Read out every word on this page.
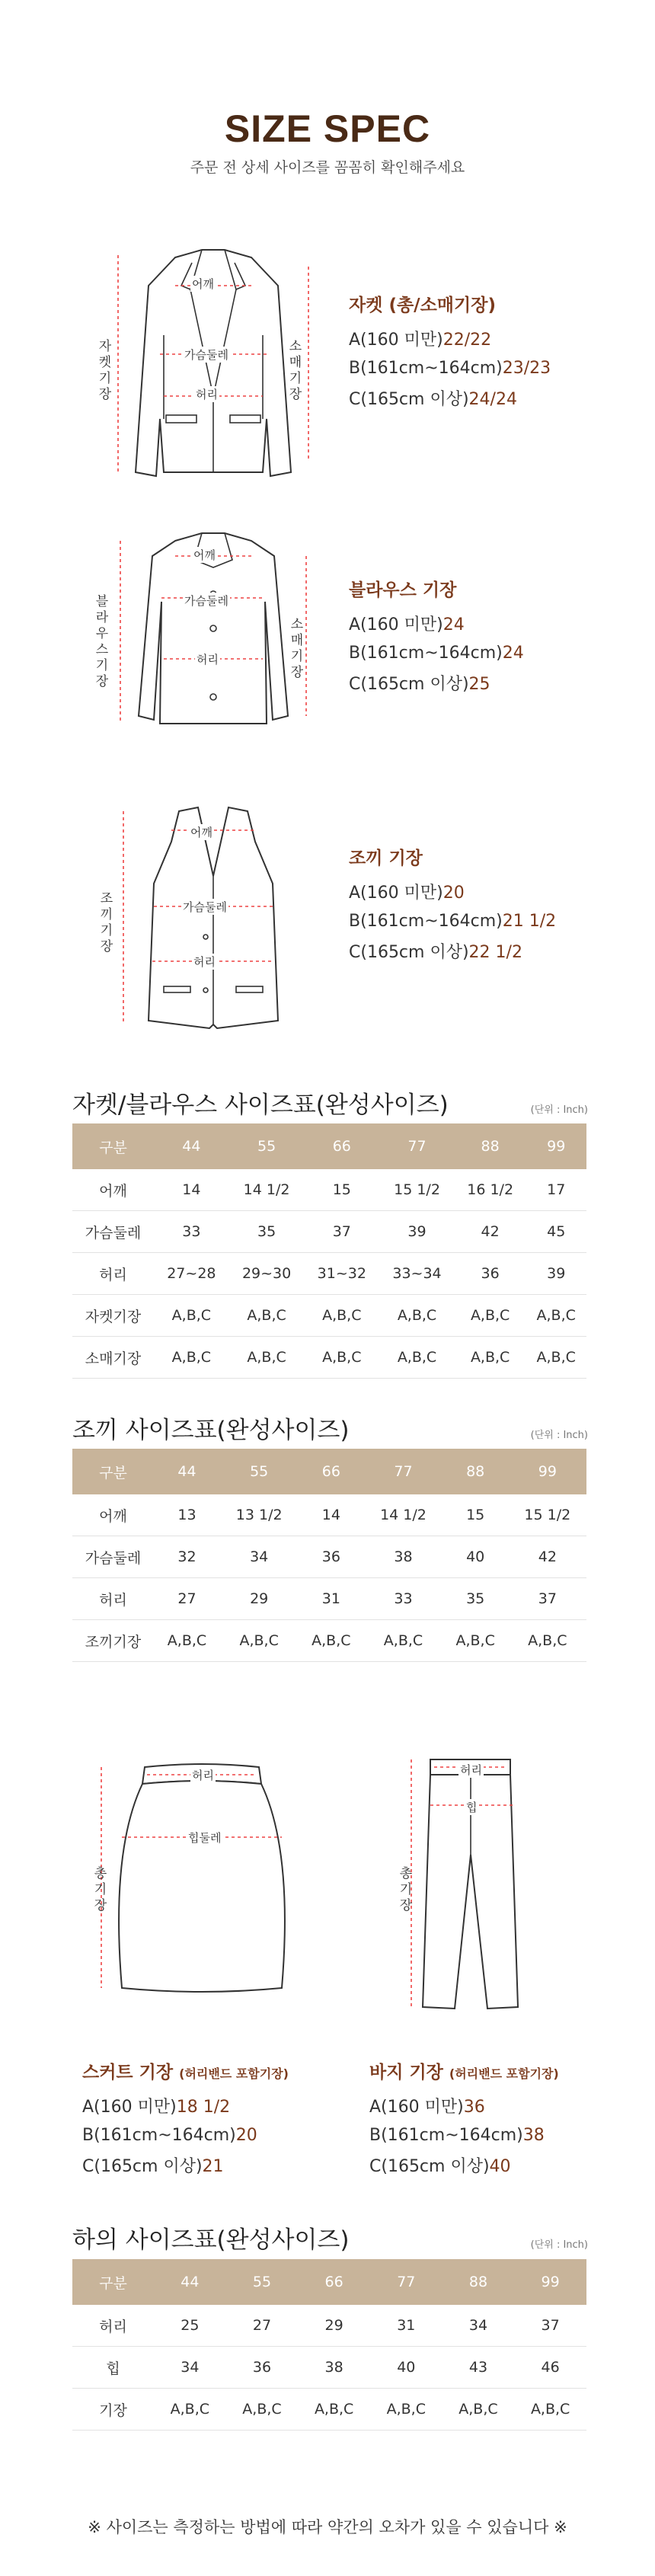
SIZE SPEC
주문 전 상세 사이즈를 꼼꼼히 확인해주세요
어깨
가슴둘레
허리
자켓 기장
소매기장
자켓 (총/소매기장)
A(160 미만)22/22
B(161cm~164cm)23/23
C(165cm 이상)24/24
어깨
가슴둘레
허리
블라우스 기장
소매기장
블라우스 기장
A(160 미만)24
B(161cm~164cm)24
C(165cm 이상)25
어깨
가슴둘레
허리
조끼 기장
조끼 기장
A(160 미만)20
B(161cm~164cm)21 1/2
C(165cm 이상)22 1/2
자켓/블라우스 사이즈표(완성사이즈)	(단위 : Inch)
구분	44	55	66	77	88	99
어깨	14	14 1/2	15	15 1/2	16 1/2	17
가슴둘레	33	35	37	39	42	45
허리	27~28	29~30	31~32	33~34	36	39
자켓기장	A,B,C	A,B,C	A,B,C	A,B,C	A,B,C	A,B,C
소매기장	A,B,C	A,B,C	A,B,C	A,B,C	A,B,C	A,B,C
조끼 사이즈표(완성사이즈)	(단위 : Inch)
구분	44	55	66	77	88	99
어깨	13	13 1/2	14	14 1/2	15	15 1/2
가슴둘레	32	34	36	38	40	42
허리	27	29	31	33	35	37
조끼기장	A,B,C	A,B,C	A,B,C	A,B,C	A,B,C	A,B,C
허리
힙둘레
총기장
허리
힙
총기장
스커트 기장 (허리밴드 포함기장)
A(160 미만)18 1/2
B(161cm~164cm)20
C(165cm 이상)21
바지 기장 (허리밴드 포함기장)
A(160 미만)36
B(161cm~164cm)38
C(165cm 이상)40
하의 사이즈표(완성사이즈)	(단위 : Inch)
구분	44	55	66	77	88	99
허리	25	27	29	31	34	37
힙	34	36	38	40	43	46
기장	A,B,C	A,B,C	A,B,C	A,B,C	A,B,C	A,B,C
※ 사이즈는 측정하는 방법에 따라 약간의 오차가 있을 수 있습니다 ※
